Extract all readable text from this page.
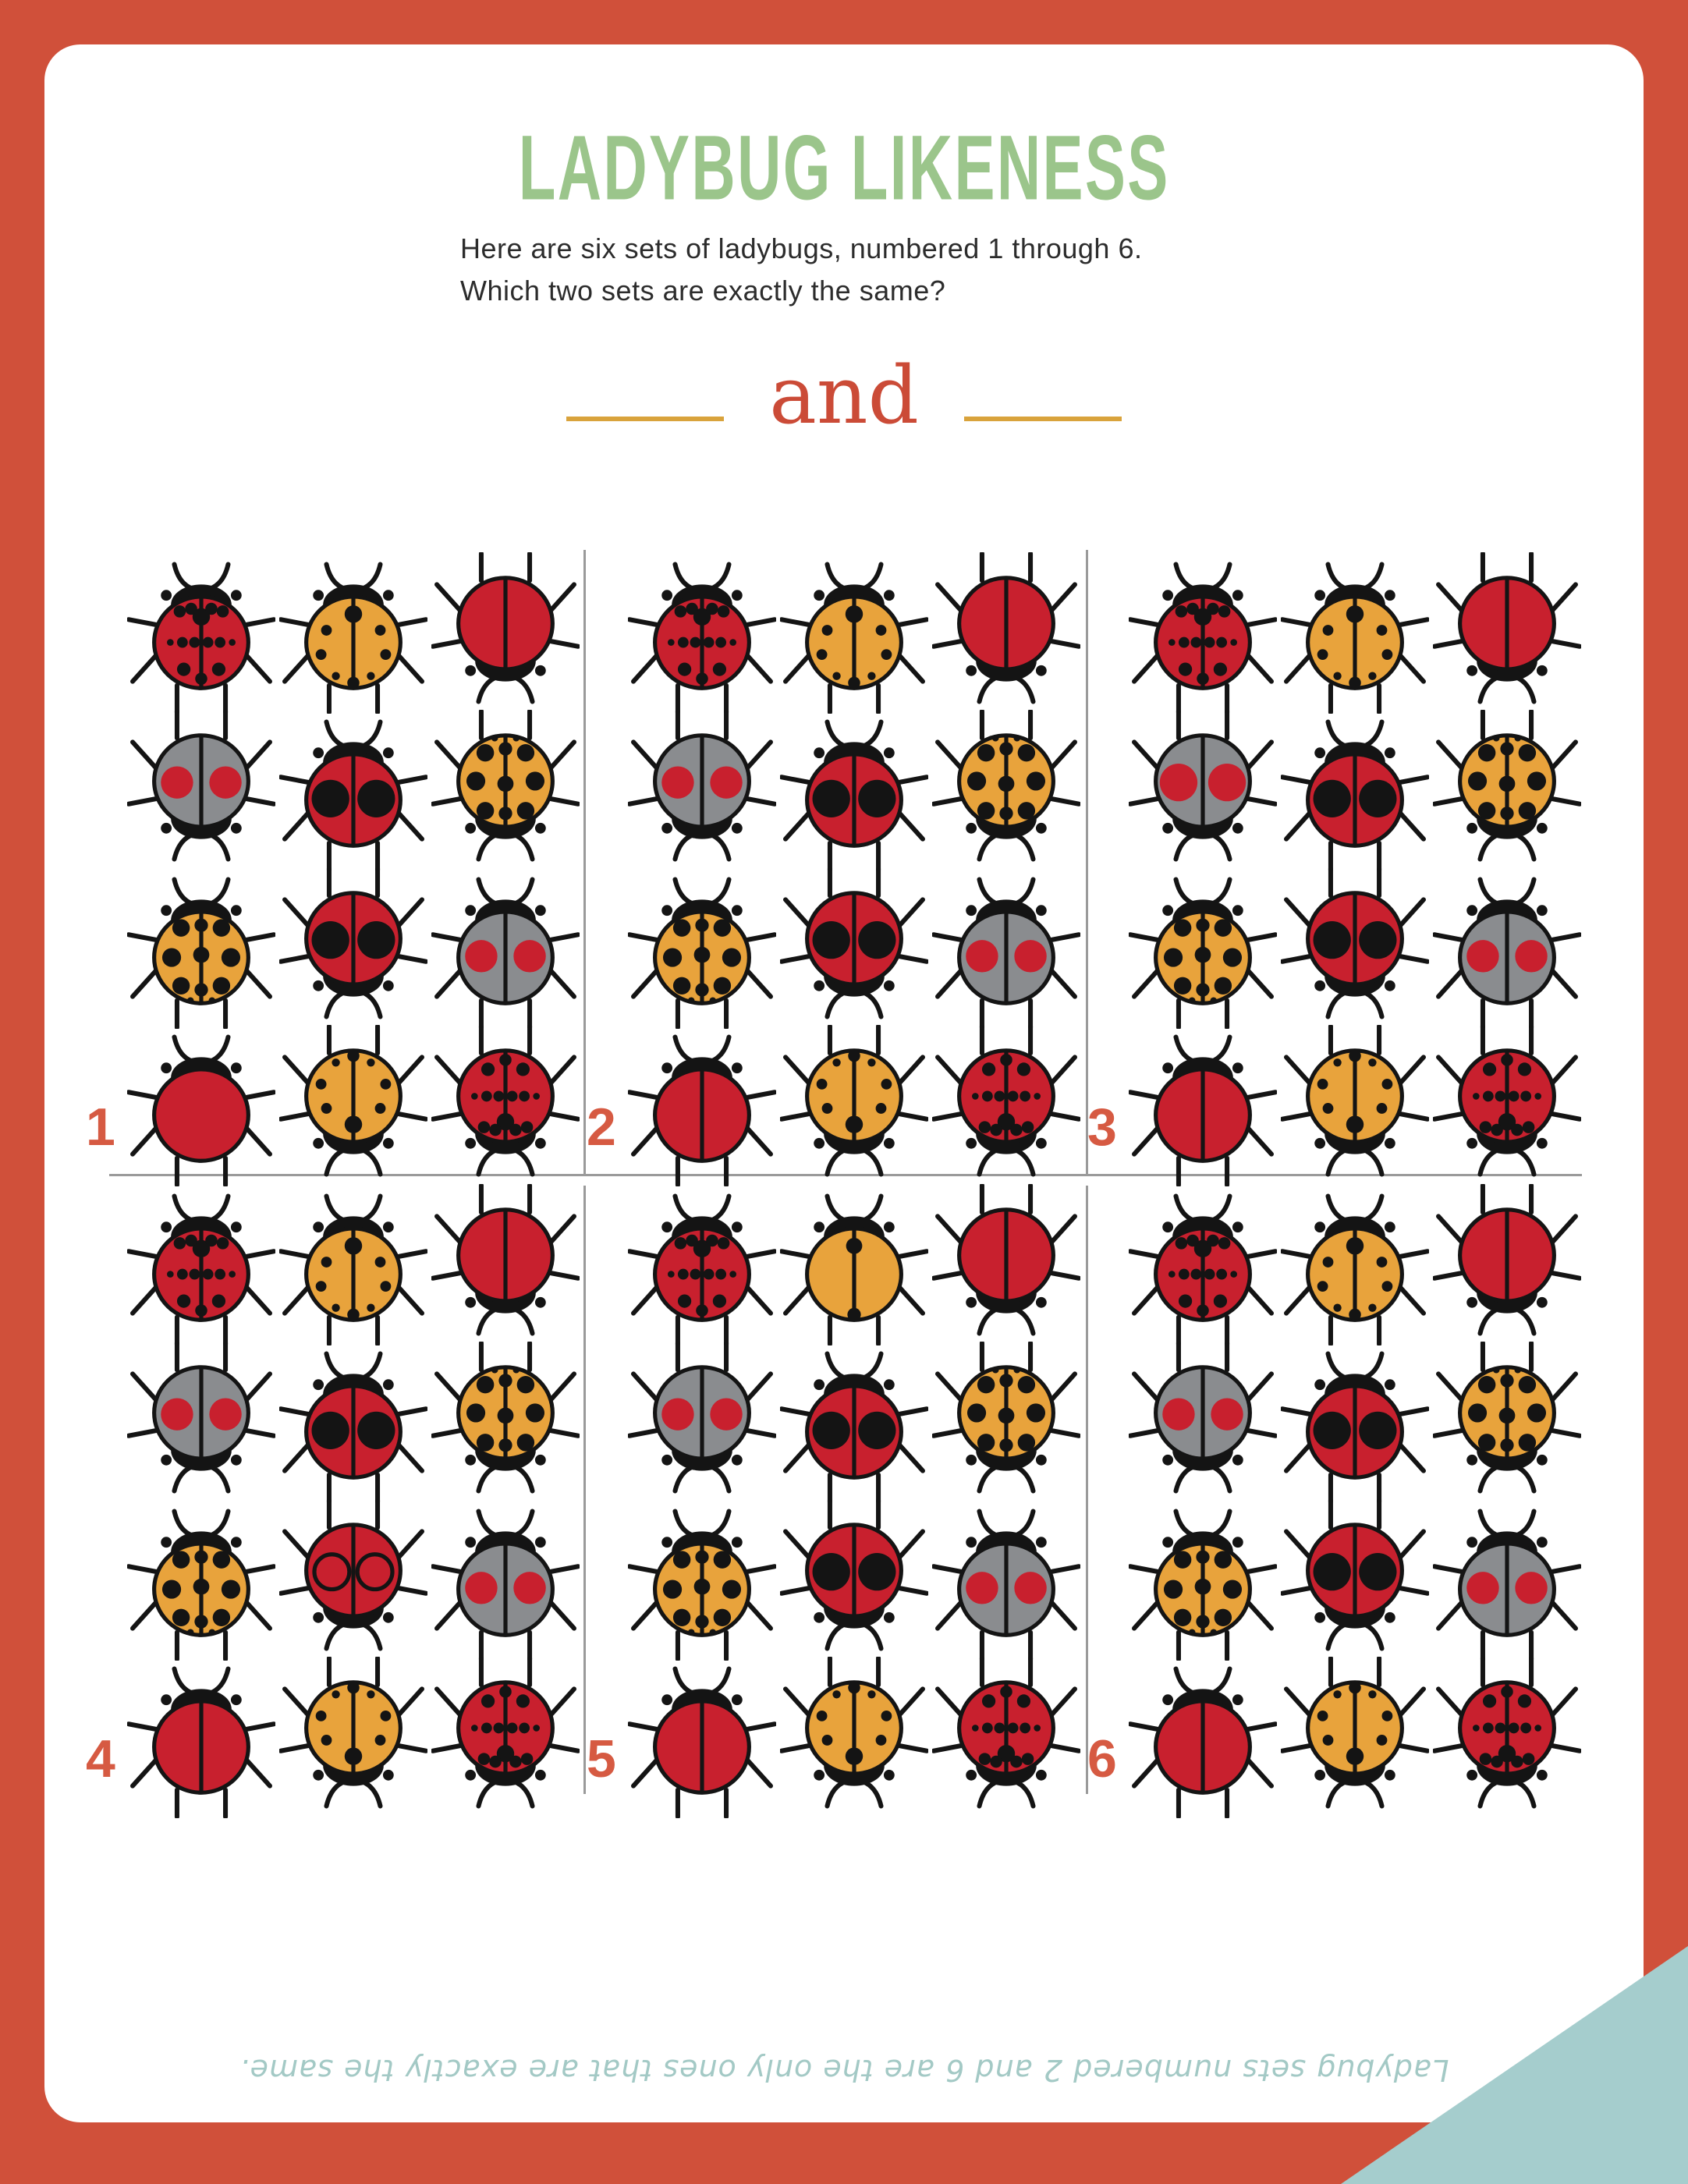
LADYBUG LIKENESS
Here are six sets of ladybugs, numbered 1 through 6.
Which two sets are exactly the same?
and
1	2	3
4	5	6
Ladybug sets numbered 2 and 6 are the only ones that are exactly the same.
